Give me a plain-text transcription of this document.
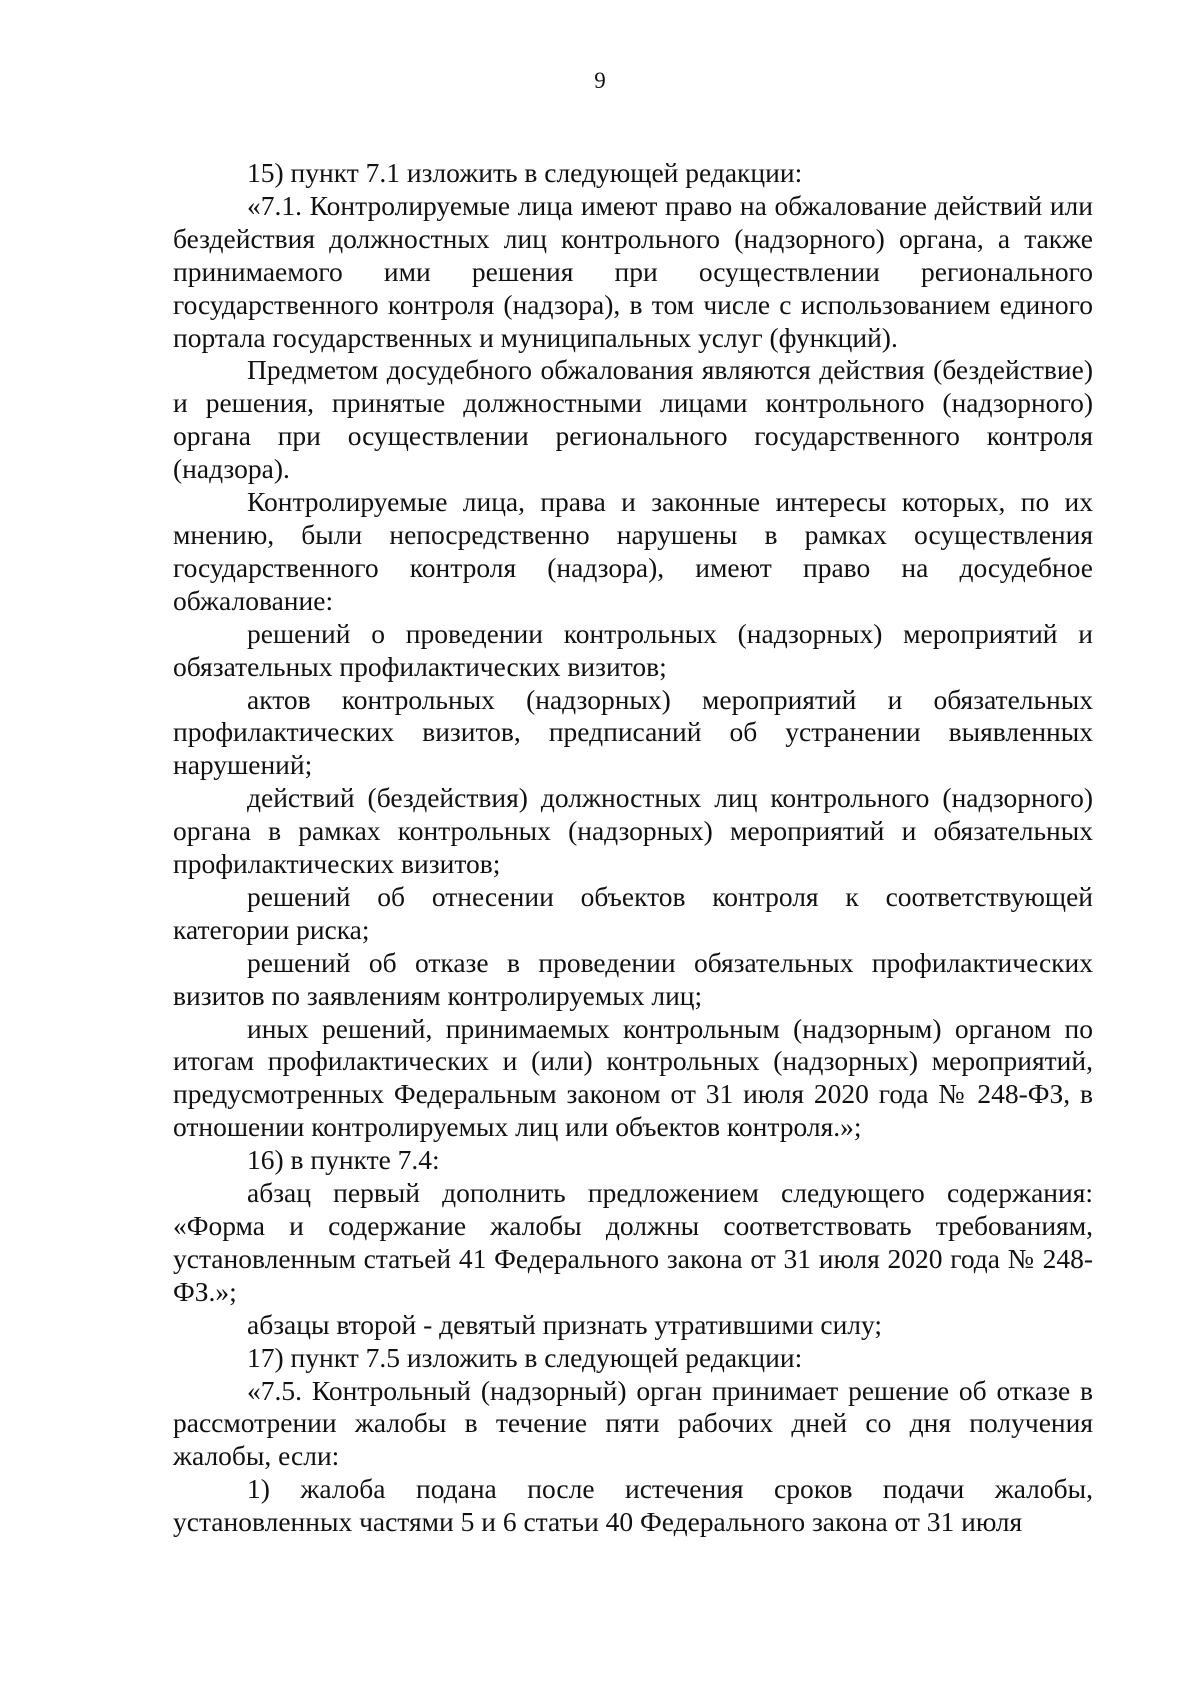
9

15) пункт 7.1 изложить в следующей редакции:

«7.1. Контролируемые лица имеют право на обжалование действий или бездействия должностных лиц контрольного (надзорного) органа, а также принимаемого ими решения при осуществлении регионального государственного контроля (надзора), в том числе с использованием единого портала государственных и муниципальных услуг (функций).

Предметом досудебного обжалования являются действия (бездействие) и решения, принятые должностными лицами контрольного (надзорного) органа при осуществлении регионального государственного контроля (надзора).

Контролируемые лица, права и законные интересы которых, по их мнению, были непосредственно нарушены в рамках осуществления государственного контроля (надзора), имеют право на досудебное обжалование:

решений о проведении контрольных (надзорных) мероприятий и обязательных профилактических визитов;

актов контрольных (надзорных) мероприятий и обязательных профилактических визитов, предписаний об устранении выявленных нарушений;

действий (бездействия) должностных лиц контрольного (надзорного) органа в рамках контрольных (надзорных) мероприятий и обязательных профилактических визитов;

решений об отнесении объектов контроля к соответствующей категории риска;

решений об отказе в проведении обязательных профилактических визитов по заявлениям контролируемых лиц;

иных решений, принимаемых контрольным (надзорным) органом по итогам профилактических и (или) контрольных (надзорных) мероприятий, предусмотренных Федеральным законом от 31 июля 2020 года № 248-ФЗ, в отношении контролируемых лиц или объектов контроля.»;

16) в пункте 7.4:

абзац первый дополнить предложением следующего содержания: «Форма и содержание жалобы должны соответствовать требованиям, установленным статьей 41 Федерального закона от 31 июля 2020 года № 248-ФЗ.»;

абзацы второй - девятый признать утратившими силу;

17) пункт 7.5 изложить в следующей редакции:

«7.5. Контрольный (надзорный) орган принимает решение об отказе в рассмотрении жалобы в течение пяти рабочих дней со дня получения жалобы, если:

1) жалоба подана после истечения сроков подачи жалобы, установленных частями 5 и 6 статьи 40 Федерального закона от 31 июля
